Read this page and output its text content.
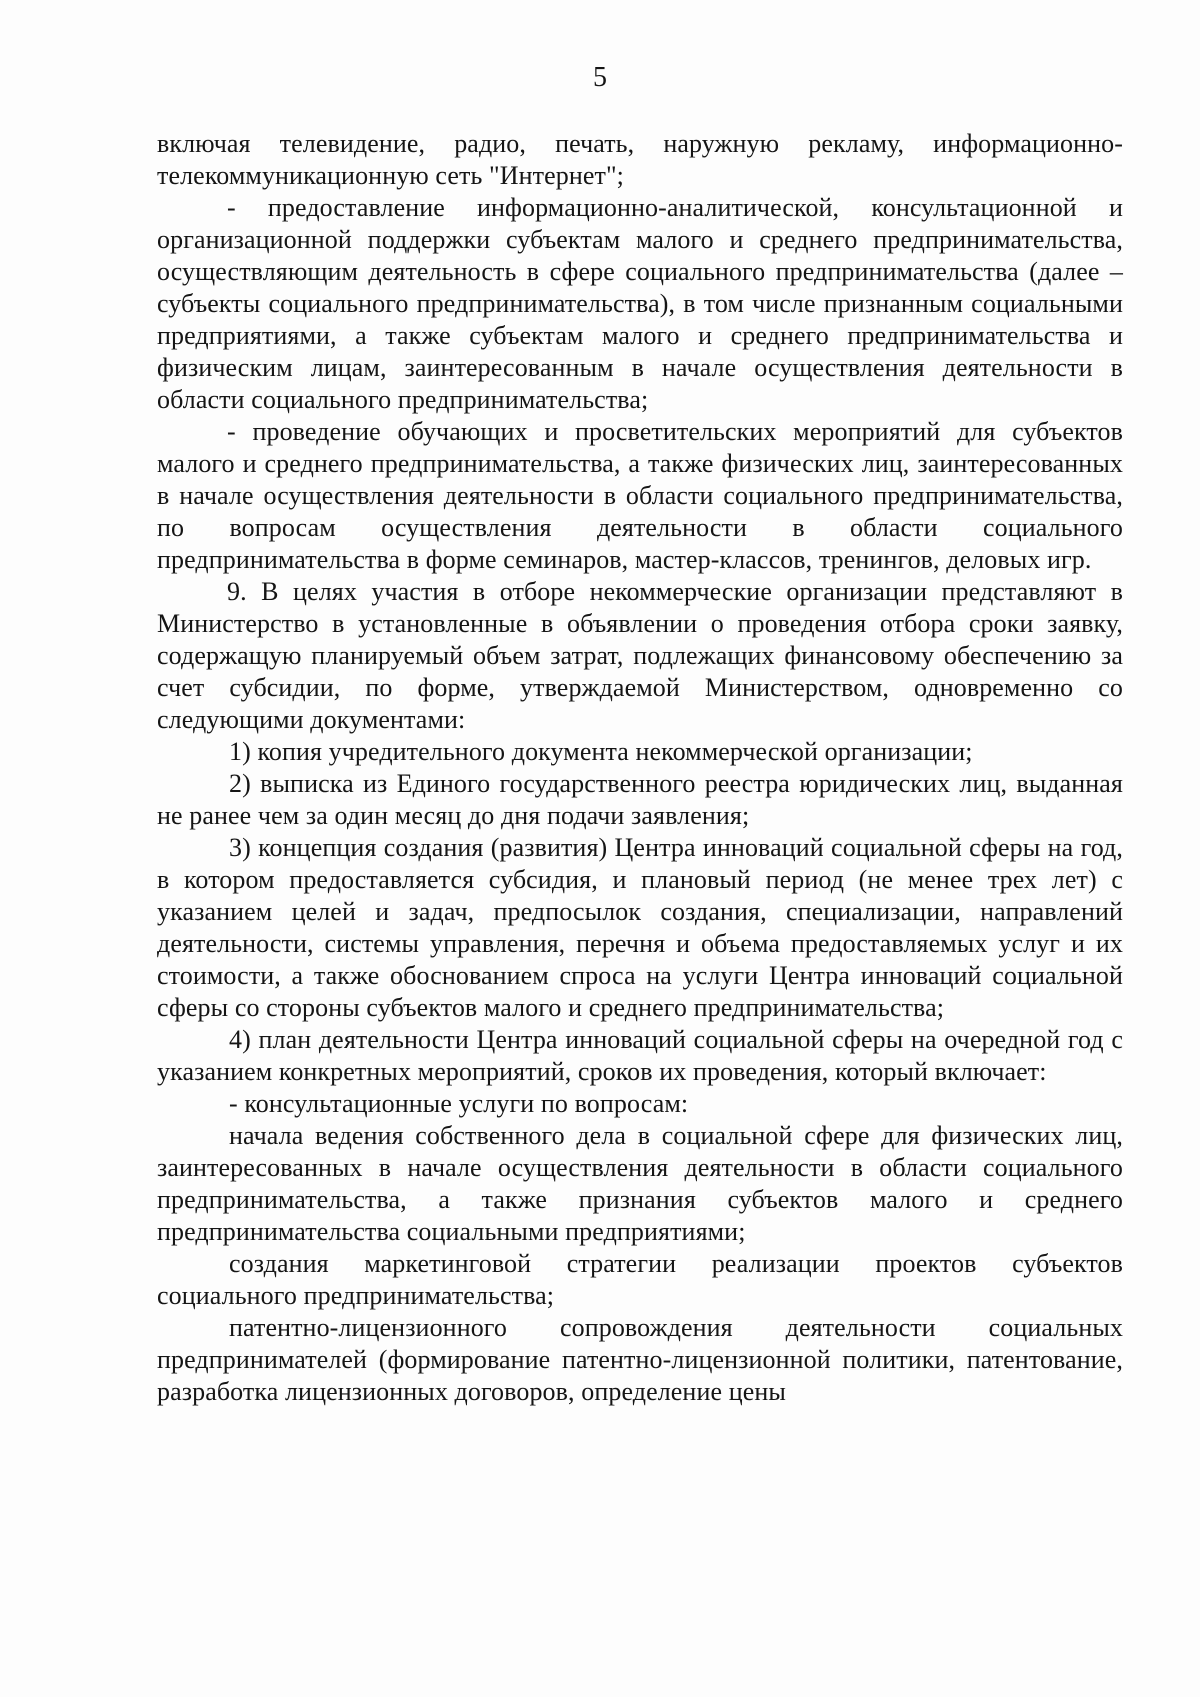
5

включая телевидение, радио, печать, наружную рекламу, информационно-телекоммуникационную сеть "Интернет";

- предоставление информационно-аналитической, консультационной и организационной поддержки субъектам малого и среднего предпринимательства, осуществляющим деятельность в сфере социального предпринимательства (далее – субъекты социального предпринимательства), в том числе признанным социальными предприятиями, а также субъектам малого и среднего предпринимательства и физическим лицам, заинтересованным в начале осуществления деятельности в области социального предпринимательства;

- проведение обучающих и просветительских мероприятий для субъектов малого и среднего предпринимательства, а также физических лиц, заинтересованных в начале осуществления деятельности в области социального предпринимательства, по вопросам осуществления деятельности в области социального предпринимательства в форме семинаров, мастер-классов, тренингов, деловых игр.

9. В целях участия в отборе некоммерческие организации представляют в Министерство в установленные в объявлении о проведения отбора сроки заявку, содержащую планируемый объем затрат, подлежащих финансовому обеспечению за счет субсидии, по форме, утверждаемой Министерством, одновременно со следующими документами:

1) копия учредительного документа некоммерческой организации;

2) выписка из Единого государственного реестра юридических лиц, выданная не ранее чем за один месяц до дня подачи заявления;

3) концепция создания (развития) Центра инноваций социальной сферы на год, в котором предоставляется субсидия, и плановый период (не менее трех лет) с указанием целей и задач, предпосылок создания, специализации, направлений деятельности, системы управления, перечня и объема предоставляемых услуг и их стоимости, а также обоснованием спроса на услуги Центра инноваций социальной сферы со стороны субъектов малого и среднего предпринимательства;

4) план деятельности Центра инноваций социальной сферы на очередной год с указанием конкретных мероприятий, сроков их проведения, который включает:

- консультационные услуги по вопросам:

начала ведения собственного дела в социальной сфере для физических лиц, заинтересованных в начале осуществления деятельности в области социального предпринимательства, а также признания субъектов малого и среднего предпринимательства социальными предприятиями;

создания маркетинговой стратегии реализации проектов субъектов социального предпринимательства;

патентно-лицензионного сопровождения деятельности социальных предпринимателей (формирование патентно-лицензионной политики, патентование, разработка лицензионных договоров, определение цены
